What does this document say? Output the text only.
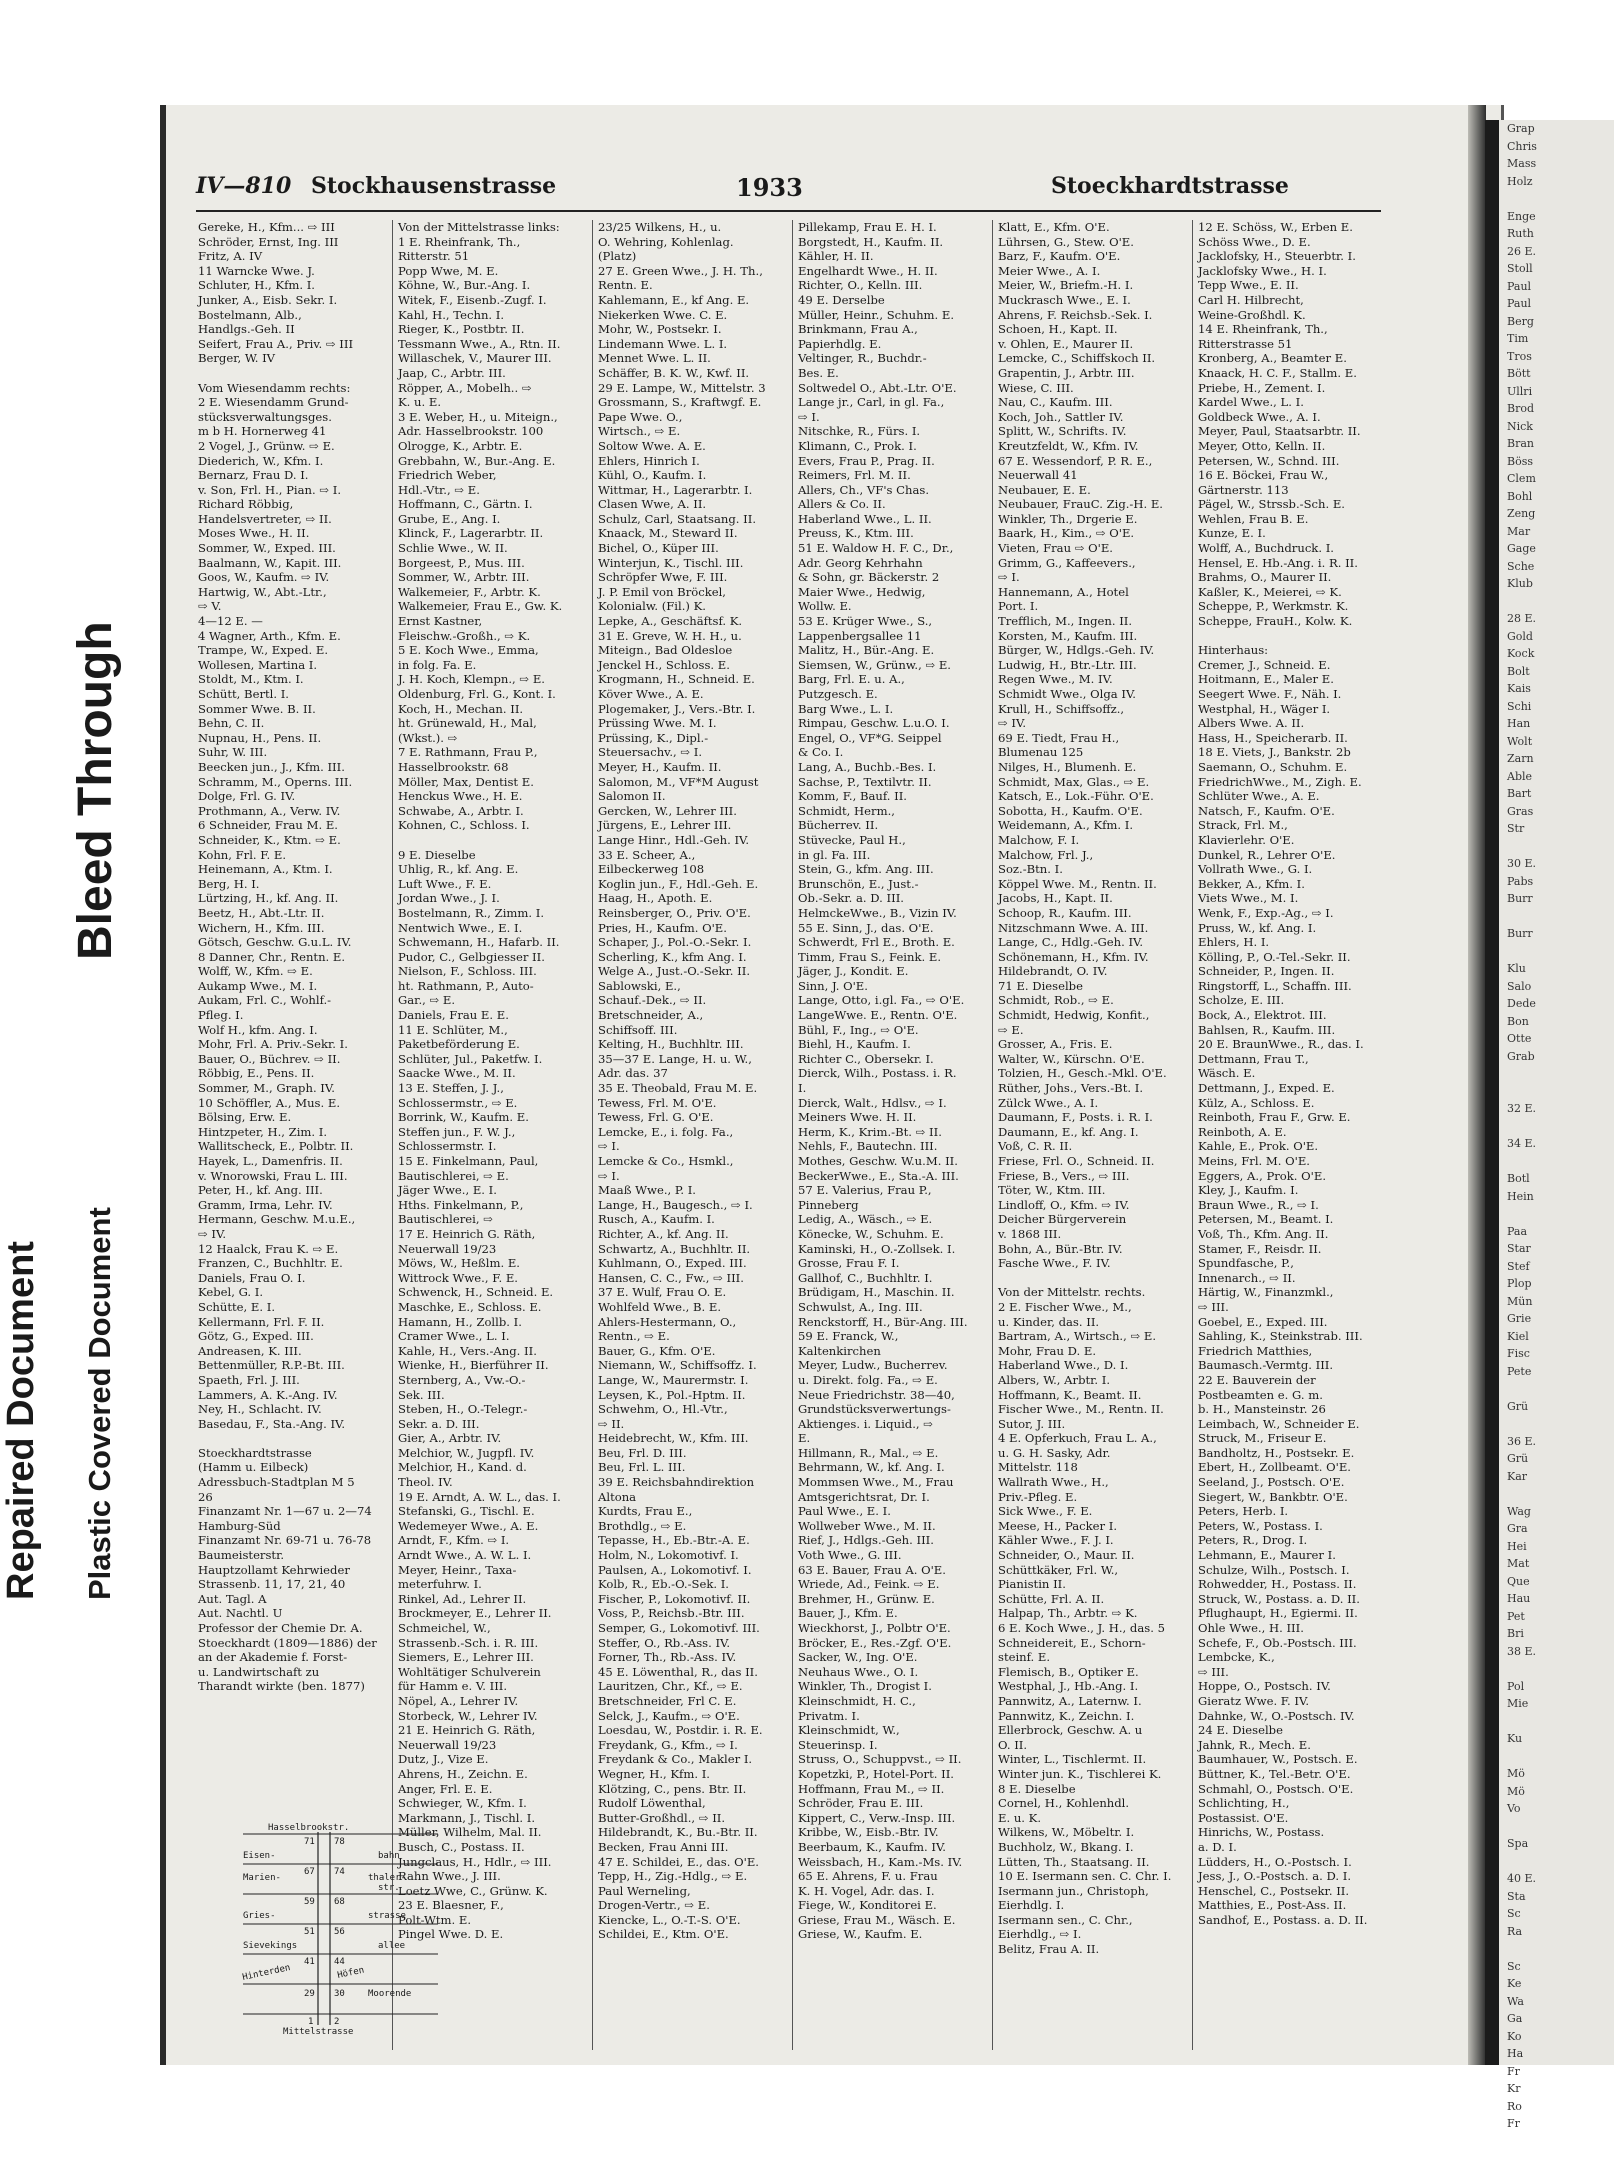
IV—810 Stockhausenstrasse	1933	Stoeckhardtstrasse
Gereke, H., Kfm... ⇨ III
Schröder, Ernst, Ing. III
Fritz, A. IV
11 Warncke Wwe. J.
Schluter, H., Kfm. I.
Junker, A., Eisb. Sekr. I.
Bostelmann, Alb.,
Handlgs.-Geh. II
Seifert, Frau A., Priv. ⇨ III
Berger, W. IV

Vom Wiesendamm rechts:
2 E. Wiesendamm Grund-
stücksverwaltungsges.
m b H. Hornerweg 41
2 Vogel, J., Grünw. ⇨ E.
Diederich, W., Kfm. I.
Bernarz, Frau D. I.
v. Son, Frl. H., Pian. ⇨ I.
Richard Röbbig,
Handelsvertreter, ⇨ II.
Moses Wwe., H. II.
Sommer, W., Exped. III.
Baalmann, W., Kapit. III.
Goos, W., Kaufm. ⇨ IV.
Hartwig, W., Abt.-Ltr.,
⇨ V.
4—12 E. —
4 Wagner, Arth., Kfm. E.
Trampe, W., Exped. E.
Wollesen, Martina I.
Stoldt, M., Ktm. I.
Schütt, Bertl. I.
Sommer Wwe. B. II.
Behn, C. II.
Nupnau, H., Pens. II.
Suhr, W. III.
Beecken jun., J., Kfm. III.
Schramm, M., Operns. III.
Dolge, Frl. G. IV.
Prothmann, A., Verw. IV.
6 Schneider, Frau M. E.
Schneider, K., Ktm. ⇨ E.
Kohn, Frl. F. E.
Heinemann, A., Ktm. I.
Berg, H. I.
Lürtzing, H., kf. Ang. II.
Beetz, H., Abt.-Ltr. II.
Wichern, H., Kfm. III.
Götsch, Geschw. G.u.L. IV.
8 Danner, Chr., Rentn. E.
Wolff, W., Kfm. ⇨ E.
Aukamp Wwe., M. I.
Aukam, Frl. C., Wohlf.-
Pfleg. I.
Wolf H., kfm. Ang. I.
Mohr, Frl. A. Priv.-Sekr. I.
Bauer, O., Büchrev. ⇨ II.
Röbbig, E., Pens. II.
Sommer, M., Graph. IV.
10 Schöffler, A., Mus. E.
Bölsing, Erw. E.
Hintzpeter, H., Zim. I.
Wallitscheck, E., Polbtr. II.
Hayek, L., Damenfris. II.
v. Wnorowski, Frau L. III.
Peter, H., kf. Ang. III.
Gramm, Irma, Lehr. IV.
Hermann, Geschw. M.u.E.,
⇨ IV.
12 Haalck, Frau K. ⇨ E.
Franzen, C., Buchhltr. E.
Daniels, Frau O. I.
Kebel, G. I.
Schütte, E. I.
Kellermann, Frl. F. II.
Götz, G., Exped. III.
Andreasen, K. III.
Bettenmüller, R.P.-Bt. III.
Spaeth, Frl. J. III.
Lammers, A. K.-Ang. IV.
Ney, H., Schlacht. IV.
Basedau, F., Sta.-Ang. IV.

Stoeckhardtstrasse
(Hamm u. Eilbeck)
Adressbuch-Stadtplan M 5
26
Finanzamt Nr. 1—67 u. 2—74
Hamburg-Süd
Finanzamt Nr. 69-71 u. 76-78
Baumeisterstr.
Hauptzollamt Kehrwieder
Strassenb. 11, 17, 21, 40
Aut. Tagl. A
Aut. Nachtl. U
Professor der Chemie Dr. A.
Stoeckhardt (1809—1886) der
an der Akademie f. Forst-
u. Landwirtschaft zu
Tharandt wirkte (ben. 1877)
Von der Mittelstrasse links:
1 E. Rheinfrank, Th.,
Ritterstr. 51
Popp Wwe, M. E.
Köhne, W., Bur.-Ang. I.
Witek, F., Eisenb.-Zugf. I.
Kahl, H., Techn. I.
Rieger, K., Postbtr. II.
Tessmann Wwe., A., Rtn. II.
Willaschek, V., Maurer III.
Jaap, C., Arbtr. III.
Röpper, A., Mobelh.. ⇨
K. u. E.
3 E. Weber, H., u. Miteign.,
Adr. Hasselbrookstr. 100
Olrogge, K., Arbtr. E.
Grebbahn, W., Bur.-Ang. E.
Friedrich Weber,
Hdl.-Vtr., ⇨ E.
Hoffmann, C., Gärtn. I.
Grube, E., Ang. I.
Klinck, F., Lagerarbtr. II.
Schlie Wwe., W. II.
Borgeest, P., Mus. III.
Sommer, W., Arbtr. III.
Walkemeier, F., Arbtr. K.
Walkemeier, Frau E., Gw. K.
Ernst Kastner,
Fleischw.-Großh., ⇨ K.
5 E. Koch Wwe., Emma,
in folg. Fa. E.
J. H. Koch, Klempn., ⇨ E.
Oldenburg, Frl. G., Kont. I.
Koch, H., Mechan. II.
ht. Grünewald, H., Mal,
(Wkst.). ⇨
7 E. Rathmann, Frau P.,
Hasselbrookstr. 68
Möller, Max, Dentist E.
Henckus Wwe., H. E.
Schwabe, A., Arbtr. I.
Kohnen, C., Schloss. I.

9 E. Dieselbe
Uhlig, R., kf. Ang. E.
Luft Wwe., F. E.
Jordan Wwe., J. I.
Bostelmann, R., Zimm. I.
Nentwich Wwe., E. I.
Schwemann, H., Hafarb. II.
Pudor, C., Gelbgiesser II.
Nielson, F., Schloss. III.
ht. Rathmann, P., Auto-
Gar., ⇨ E.
Daniels, Frau E. E.
11 E. Schlüter, M.,
Paketbeförderung E.
Schlüter, Jul., Paketfw. I.
Saacke Wwe., M. II.
13 E. Steffen, J. J.,
Schlossermstr., ⇨ E.
Borrink, W., Kaufm. E.
Steffen jun., F. W. J.,
Schlossermstr. I.
15 E. Finkelmann, Paul,
Bautischlerei, ⇨ E.
Jäger Wwe., E. I.
Hths. Finkelmann, P.,
Bautischlerei, ⇨
17 E. Heinrich G. Räth,
Neuerwall 19/23
Möws, W., Heßlm. E.
Wittrock Wwe., F. E.
Schwenck, H., Schneid. E.
Maschke, E., Schloss. E.
Hamann, H., Zollb. I.
Cramer Wwe., L. I.
Kahle, H., Vers.-Ang. II.
Wienke, H., Bierführer II.
Sternberg, A., Vw.-O.-
Sek. III.
Steben, H., O.-Telegr.-
Sekr. a. D. III.
Gier, A., Arbtr. IV.
Melchior, W., Jugpfl. IV.
Melchior, H., Kand. d.
Theol. IV.
19 E. Arndt, A. W. L., das. I.
Stefanski, G., Tischl. E.
Wedemeyer Wwe., A. E.
Arndt, F., Kfm. ⇨ I.
Arndt Wwe., A. W. L. I.
Meyer, Heinr., Taxa-
meterfuhrw. I.
Rinkel, Ad., Lehrer II.
Brockmeyer, E., Lehrer II.
Schmeichel, W.,
Strassenb.-Sch. i. R. III.
Siemers, E., Lehrer III.
Wohltätiger Schulverein
für Hamm e. V. III.
Nöpel, A., Lehrer IV.
Storbeck, W., Lehrer IV.
21 E. Heinrich G. Räth,
Neuerwall 19/23
Dutz, J., Vize E.
Ahrens, H., Zeichn. E.
Anger, Frl. E. E.
Schwieger, W., Kfm. I.
Markmann, J., Tischl. I.
Müller, Wilhelm, Mal. II.
Busch, C., Postass. II.
Jungclaus, H., Hdlr., ⇨ III.
Rahn Wwe., J. III.
Loetz Wwe, C., Grünw. K.
23 E. Blaesner, F.,
Polt-Wtm. E.
Pingel Wwe. D. E.
23/25 Wilkens, H., u.
O. Wehring, Kohlenlag.
(Platz)
27 E. Green Wwe., J. H. Th.,
Rentn. E.
Kahlemann, E., kf Ang. E.
Niekerken Wwe. C. E.
Mohr, W., Postsekr. I.
Lindemann Wwe. L. I.
Mennet Wwe. L. II.
Schäffer, B. K. W., Kwf. II.
29 E. Lampe, W., Mittelstr. 3
Grossmann, S., Kraftwgf. E.
Pape Wwe. O.,
Wirtsch., ⇨ E.
Soltow Wwe. A. E.
Ehlers, Hinrich I.
Kühl, O., Kaufm. I.
Wittmar, H., Lagerarbtr. I.
Clasen Wwe, A. II.
Schulz, Carl, Staatsang. II.
Knaack, M., Steward II.
Bichel, O., Küper III.
Winterjun, K., Tischl. III.
Schröpfer Wwe, F. III.
J. P. Emil von Bröckel,
Kolonialw. (Fil.) K.
Lepke, A., Geschäftsf. K.
31 E. Greve, W. H. H., u.
Miteign., Bad Oldesloe
Jenckel H., Schloss. E.
Krogmann, H., Schneid. E.
Köver Wwe., A. E.
Plogemaker, J., Vers.-Btr. I.
Prüssing Wwe. M. I.
Prüssing, K., Dipl.-
Steuersachv., ⇨ I.
Meyer, H., Kaufm. II.
Salomon, M., VF*M August
Salomon II.
Gercken, W., Lehrer III.
Jürgens, E., Lehrer III.
Lange Hinr., Hdl.-Geh. IV.
33 E. Scheer, A.,
Eilbeckerweg 108
Koglin jun., F., Hdl.-Geh. E.
Haag, H., Apoth. E.
Reinsberger, O., Priv. O'E.
Pries, H., Kaufm. O'E.
Schaper, J., Pol.-O.-Sekr. I.
Scherling, K., kfm Ang. I.
Welge A., Just.-O.-Sekr. II.
Sablowski, E.,
Schauf.-Dek., ⇨ II.
Bretschneider, A.,
Schiffsoff. III.
Kelting, H., Buchhltr. III.
35—37 E. Lange, H. u. W.,
Adr. das. 37
35 E. Theobald, Frau M. E.
Tewess, Frl. M. O'E.
Tewess, Frl. G. O'E.
Lemcke, E., i. folg. Fa.,
⇨ I.
Lemcke & Co., Hsmkl.,
⇨ I.
Maaß Wwe., P. I.
Lange, H., Baugesch., ⇨ I.
Rusch, A., Kaufm. I.
Richter, A., kf. Ang. II.
Schwartz, A., Buchhltr. II.
Kuhlmann, O., Exped. III.
Hansen, C. C., Fw., ⇨ III.
37 E. Wulf, Frau O. E.
Wohlfeld Wwe., B. E.
Ahlers-Hestermann, O.,
Rentn., ⇨ E.
Bauer, G., Kfm. O'E.
Niemann, W., Schiffsoffz. I.
Lange, W., Maurermstr. I.
Leysen, K., Pol.-Hptm. II.
Schwehm, O., Hl.-Vtr.,
⇨ II.
Heidebrecht, W., Kfm. III.
Beu, Frl. D. III.
Beu, Frl. L. III.
39 E. Reichsbahndirektion
Altona
Kurdts, Frau E.,
Brothdlg., ⇨ E.
Tepasse, H., Eb.-Btr.-A. E.
Holm, N., Lokomotivf. I.
Paulsen, A., Lokomotivf. I.
Kolb, R., Eb.-O.-Sek. I.
Fischer, P., Lokomotivf. II.
Voss, P., Reichsb.-Btr. III.
Semper, G., Lokomotivf. III.
Steffer, O., Rb.-Ass. IV.
Forner, Th., Rb.-Ass. IV.
45 E. Löwenthal, R., das II.
Lauritzen, Chr., Kf., ⇨ E.
Bretschneider, Frl C. E.
Selck, J., Kaufm., ⇨ O'E.
Loesdau, W., Postdir. i. R. E.
Freydank, G., Kfm., ⇨ I.
Freydank & Co., Makler I.
Wegner, H., Kfm. I.
Klötzing, C., pens. Btr. II.
Rudolf Löwenthal,
Butter-Großhdl., ⇨ II.
Hildebrandt, K., Bu.-Btr. II.
Becken, Frau Anni III.
47 E. Schildei, E., das. O'E.
Tepp, H., Zig.-Hdlg., ⇨ E.
Paul Werneling,
Drogen-Vertr., ⇨ E.
Kiencke, L., O.-T.-S. O'E.
Schildei, E., Ktm. O'E.
Pillekamp, Frau E. H. I.
Borgstedt, H., Kaufm. II.
Kähler, H. II.
Engelhardt Wwe., H. II.
Richter, O., Kelln. III.
49 E. Derselbe
Müller, Heinr., Schuhm. E.
Brinkmann, Frau A.,
Papierhdlg. E.
Veltinger, R., Buchdr.-
Bes. E.
Soltwedel O., Abt.-Ltr. O'E.
Lange jr., Carl, in gl. Fa.,
⇨ I.
Nitschke, R., Fürs. I.
Klimann, C., Prok. I.
Evers, Frau P., Prag. II.
Reimers, Frl. M. II.
Allers, Ch., VF's Chas.
Allers & Co. II.
Haberland Wwe., L. II.
Preuss, K., Ktm. III.
51 E. Waldow H. F. C., Dr.,
Adr. Georg Kehrhahn
& Sohn, gr. Bäckerstr. 2
Maier Wwe., Hedwig,
Wollw. E.
53 E. Krüger Wwe., S.,
Lappenbergsallee 11
Malitz, H., Bür.-Ang. E.
Siemsen, W., Grünw., ⇨ E.
Barg, Frl. E. u. A.,
Putzgesch. E.
Barg Wwe., L. I.
Rimpau, Geschw. L.u.O. I.
Engel, O., VF*G. Seippel
& Co. I.
Lang, A., Buchb.-Bes. I.
Sachse, P., Textilvtr. II.
Komm, F., Bauf. II.
Schmidt, Herm.,
Bücherrev. II.
Stüvecke, Paul H.,
in gl. Fa. III.
Stein, G., kfm. Ang. III.
Brunschön, E., Just.-
Ob.-Sekr. a. D. III.
HelmckeWwe., B., Vizin IV.
55 E. Sinn, J., das. O'E.
Schwerdt, Frl E., Broth. E.
Timm, Frau S., Feink. E.
Jäger, J., Kondit. E.
Sinn, J. O'E.
Lange, Otto, i.gl. Fa., ⇨ O'E.
LangeWwe. E., Rentn. O'E.
Bühl, F., Ing., ⇨ O'E.
Biehl, H., Kaufm. I.
Richter C., Obersekr. I.
Dierck, Wilh., Postass. i. R.
I.
Dierck, Walt., Hdlsv., ⇨ I.
Meiners Wwe. H. II.
Herm, K., Krim.-Bt. ⇨ II.
Nehls, F., Bautechn. III.
Mothes, Geschw. W.u.M. II.
BeckerWwe., E., Sta.-A. III.
57 E. Valerius, Frau P.,
Pinneberg
Ledig, A., Wäsch., ⇨ E.
Könecke, W., Schuhm. E.
Kaminski, H., O.-Zollsek. I.
Grosse, Frau F. I.
Gallhof, C., Buchhltr. I.
Brüdigam, H., Maschin. II.
Schwulst, A., Ing. III.
Renckstorff, H., Bür-Ang. III.
59 E. Franck, W.,
Kaltenkirchen
Meyer, Ludw., Bucherrev.
u. Direkt. folg. Fa., ⇨ E.
Neue Friedrichstr. 38—40,
Grundstücksverwertungs-
Aktienges. i. Liquid., ⇨
E.
Hillmann, R., Mal., ⇨ E.
Behrmann, W., kf. Ang. I.
Mommsen Wwe., M., Frau
Amtsgerichtsrat, Dr. I.
Paul Wwe., E. I.
Wollweber Wwe., M. II.
Rief, J., Hdlgs.-Geh. III.
Voth Wwe., G. III.
63 E. Bauer, Frau A. O'E.
Wriede, Ad., Feink. ⇨ E.
Brehmer, H., Grünw. E.
Bauer, J., Kfm. E.
Wieckhorst, J., Polbtr O'E.
Bröcker, E., Res.-Zgf. O'E.
Sacker, W., Ing. O'E.
Neuhaus Wwe., O. I.
Winkler, Th., Drogist I.
Kleinschmidt, H. C.,
Privatm. I.
Kleinschmidt, W.,
Steuerinsp. I.
Struss, O., Schuppvst., ⇨ II.
Kopetzki, P., Hotel-Port. II.
Hoffmann, Frau M., ⇨ II.
Schröder, Frau E. III.
Kippert, C., Verw.-Insp. III.
Kribbe, W., Eisb.-Btr. IV.
Beerbaum, K., Kaufm. IV.
Weissbach, H., Kam.-Ms. IV.
65 E. Ahrens, F. u. Frau
K. H. Vogel, Adr. das. I.
Fiege, W., Konditorei E.
Griese, Frau M., Wäsch. E.
Griese, W., Kaufm. E.
Klatt, E., Kfm. O'E.
Lührsen, G., Stew. O'E.
Barz, F., Kaufm. O'E.
Meier Wwe., A. I.
Meier, W., Briefm.-H. I.
Muckrasch Wwe., E. I.
Ahrens, F. Reichsb.-Sek. I.
Schoen, H., Kapt. II.
v. Ohlen, E., Maurer II.
Lemcke, C., Schiffskoch II.
Grapentin, J., Arbtr. III.
Wiese, C. III.
Nau, C., Kaufm. III.
Koch, Joh., Sattler IV.
Splitt, W., Schrifts. IV.
Kreutzfeldt, W., Kfm. IV.
67 E. Wessendorf, P. R. E.,
Neuerwall 41
Neubauer, E. E.
Neubauer, FrauC. Zig.-H. E.
Winkler, Th., Drgerie E.
Baark, H., Kim., ⇨ O'E.
Vieten, Frau ⇨ O'E.
Grimm, G., Kaffeevers.,
⇨ I.
Hannemann, A., Hotel
Port. I.
Trefflich, M., Ingen. II.
Korsten, M., Kaufm. III.
Bürger, W., Hdlgs.-Geh. IV.
Ludwig, H., Btr.-Ltr. III.
Regen Wwe., M. IV.
Schmidt Wwe., Olga IV.
Krull, H., Schiffsoffz.,
⇨ IV.
69 E. Tiedt, Frau H.,
Blumenau 125
Nilges, H., Blumenh. E.
Schmidt, Max, Glas., ⇨ E.
Katsch, E., Lok.-Führ. O'E.
Sobotta, H., Kaufm. O'E.
Weidemann, A., Kfm. I.
Malchow, F. I.
Malchow, Frl. J.,
Soz.-Btn. I.
Köppel Wwe. M., Rentn. II.
Jacobs, H., Kapt. II.
Schoop, R., Kaufm. III.
Nitzschmann Wwe. A. III.
Lange, C., Hdlg.-Geh. IV.
Schönemann, H., Kfm. IV.
Hildebrandt, O. IV.
71 E. Dieselbe
Schmidt, Rob., ⇨ E.
Schmidt, Hedwig, Konfit.,
⇨ E.
Grosser, A., Fris. E.
Walter, W., Kürschn. O'E.
Tolzien, H., Gesch.-Mkl. O'E.
Rüther, Johs., Vers.-Bt. I.
Zülck Wwe., A. I.
Daumann, F., Posts. i. R. I.
Daumann, E., kf. Ang. I.
Voß, C. R. II.
Friese, Frl. O., Schneid. II.
Friese, B., Vers., ⇨ III.
Töter, W., Ktm. III.
Lindloff, O., Kfm. ⇨ IV.
Deicher Bürgerverein
v. 1868 III.
Bohn, A., Bür.-Btr. IV.
Fasche Wwe., F. IV.

Von der Mittelstr. rechts.
2 E. Fischer Wwe., M.,
u. Kinder, das. II.
Bartram, A., Wirtsch., ⇨ E.
Mohr, Frau D. E.
Haberland Wwe., D. I.
Albers, W., Arbtr. I.
Hoffmann, K., Beamt. II.
Fischer Wwe., M., Rentn. II.
Sutor, J. III.
4 E. Opferkuch, Frau L. A.,
u. G. H. Sasky, Adr.
Mittelstr. 118
Wallrath Wwe., H.,
Priv.-Pfleg. E.
Sick Wwe., F. E.
Meese, H., Packer I.
Kähler Wwe., F. J. I.
Schneider, O., Maur. II.
Schüttkäker, Frl. W.,
Pianistin II.
Schütte, Frl. A. II.
Halpap, Th., Arbtr. ⇨ K.
6 E. Koch Wwe., J. H., das. 5
Schneidereit, E., Schorn-
steinf. E.
Flemisch, B., Optiker E.
Westphal, J., Hb.-Ang. I.
Pannwitz, A., Laternw. I.
Pannwitz, K., Zeichn. I.
Ellerbrock, Geschw. A. u
O. II.
Winter, L., Tischlermt. II.
Winter jun. K., Tischlerei K.
8 E. Dieselbe
Cornel, H., Kohlenhdl.
E. u. K.
Wilkens, W., Möbeltr. I.
Buchholz, W., Bkang. I.
Lütten, Th., Staatsang. II.
10 E. Isermann sen. C. Chr. I.
Isermann jun., Christoph,
Eierhdlg. I.
Isermann sen., C. Chr.,
Eierhdlg., ⇨ I.
Belitz, Frau A. II.
12 E. Schöss, W., Erben E.
Schöss Wwe., D. E.
Jacklofsky, H., Steuerbtr. I.
Jacklofsky Wwe., H. I.
Tepp Wwe., E. II.
Carl H. Hilbrecht,
Weine-Großhdl. K.
14 E. Rheinfrank, Th.,
Ritterstrasse 51
Kronberg, A., Beamter E.
Knaack, H. C. F., Stallm. E.
Priebe, H., Zement. I.
Kardel Wwe., L. I.
Goldbeck Wwe., A. I.
Meyer, Paul, Staatsarbtr. II.
Meyer, Otto, Kelln. II.
Petersen, W., Schnd. III.
16 E. Böckei, Frau W.,
Gärtnerstr. 113
Pägel, W., Strssb.-Sch. E.
Wehlen, Frau B. E.
Kunze, E. I.
Wolff, A., Buchdruck. I.
Hensel, E. Hb.-Ang. i. R. II.
Brahms, O., Maurer II.
Kaßler, K., Meierei, ⇨ K.
Scheppe, P., Werkmstr. K.
Scheppe, FrauH., Kolw. K.

Hinterhaus:
Cremer, J., Schneid. E.
Hoitmann, E., Maler E.
Seegert Wwe. F., Näh. I.
Westphal, H., Wäger I.
Albers Wwe. A. II.
Hass, H., Speicherarb. II.
18 E. Viets, J., Bankstr. 2b
Saemann, O., Schuhm. E.
FriedrichWwe., M., Zigh. E.
Schlüter Wwe., A. E.
Natsch, F., Kaufm. O'E.
Strack, Frl. M.,
Klavierlehr. O'E.
Dunkel, R., Lehrer O'E.
Vollrath Wwe., G. I.
Bekker, A., Kfm. I.
Viets Wwe., M. I.
Wenk, F., Exp.-Ag., ⇨ I.
Pruss, W., kf. Ang. I.
Ehlers, H. I.
Kölling, P., O.-Tel.-Sekr. II.
Schneider, P., Ingen. II.
Ringstorff, L., Schaffn. III.
Scholze, E. III.
Bock, A., Elektrot. III.
Bahlsen, R., Kaufm. III.
20 E. BraunWwe., R., das. I.
Dettmann, Frau T.,
Wäsch. E.
Dettmann, J., Exped. E.
Külz, A., Schloss. E.
Reinboth, Frau F., Grw. E.
Reinboth, A. E.
Kahle, E., Prok. O'E.
Meins, Frl. M. O'E.
Eggers, A., Prok. O'E.
Kley, J., Kaufm. I.
Braun Wwe., R., ⇨ I.
Petersen, M., Beamt. I.
Voß, Th., Kfm. Ang. II.
Stamer, F., Reisdr. II.
Spundfasche, P.,
Innenarch., ⇨ II.
Härtig, W., Finanzmkl.,
⇨ III.
Goebel, E., Exped. III.
Sahling, K., Steinkstrab. III.
Friedrich Matthies,
Baumasch.-Vermtg. III.
22 E. Bauverein der
Postbeamten e. G. m.
b. H., Mansteinstr. 26
Leimbach, W., Schneider E.
Struck, M., Friseur E.
Bandholtz, H., Postsekr. E.
Ebert, H., Zollbeamt. O'E.
Seeland, J., Postsch. O'E.
Siegert, W., Bankbtr. O'E.
Peters, Herb. I.
Peters, W., Postass. I.
Peters, R., Drog. I.
Lehmann, E., Maurer I.
Schulze, Wilh., Postsch. I.
Rohwedder, H., Postass. II.
Struck, W., Postass. a. D. II.
Pflughaupt, H., Egiermi. II.
Ohle Wwe., H. III.
Schefe, F., Ob.-Postsch. III.
Lembcke, K.,
⇨ III.
Hoppe, O., Postsch. IV.
Gieratz Wwe. F. IV.
Dahnke, W., O.-Postsch. IV.
24 E. Dieselbe
Jahnk, R., Mech. E.
Baumhauer, W., Postsch. E.
Büttner, K., Tel.-Betr. O'E.
Schmahl, O., Postsch. O'E.
Schlichting, H.,
Postassist. O'E.
Hinrichs, W., Postass.
a. D. I.
Lüdders, H., O.-Postsch. I.
Jess, J., O.-Postsch. a. D. I.
Henschel, C., Postsekr. II.
Matthies, E., Post-Ass. II.
Sandhof, E., Postass. a. D. II.
Hasselbrookstr.
71 78
Eisen-	bahn
Marien-
67 74
thaler-
59 68
str.
Gries-	strasse
51 56
Sievekings	allee
41 44
Hinterden	Höfen
Moorende
29 30
1 2
Mittelstrasse
Grap
Chris
Mass
Holz

Enge
Ruth
26 E.
Stoll
Paul
Paul
Berg
Tim
Tros
Bött
Ullri
Brod
Nick
Bran
Böss
Clem
Bohl
Zeng
Mar
Gage
Sche
Klub

28 E.
Gold
Kock
Bolt
Kais
Schi
Han
Wolt
Zarn
Able
Bart
Gras
Str

30 E.
Pabs
Burr

Burr

Klu
Salo
Dede
Bon
Otte
Grab

32 E.

34 E.

Botl
Hein

Paa
Star
Stef
Plop
Mün
Grie
Kiel
Fisc
Pete

Grü

36 E.
Grü
Kar

Wag
Gra
Hei
Mat
Que
Hau
Pet
Bri
38 E.

Pol
Mie

Ku

Mö
Mö
Vo

Spa

40 E.
Sta
Sc
Ra

Sc
Ke
Wa
Ga
Ko
Ha
Fr
Kr
Ro
Fr
Repaired Document Plastic Covered Document
Bleed Through
